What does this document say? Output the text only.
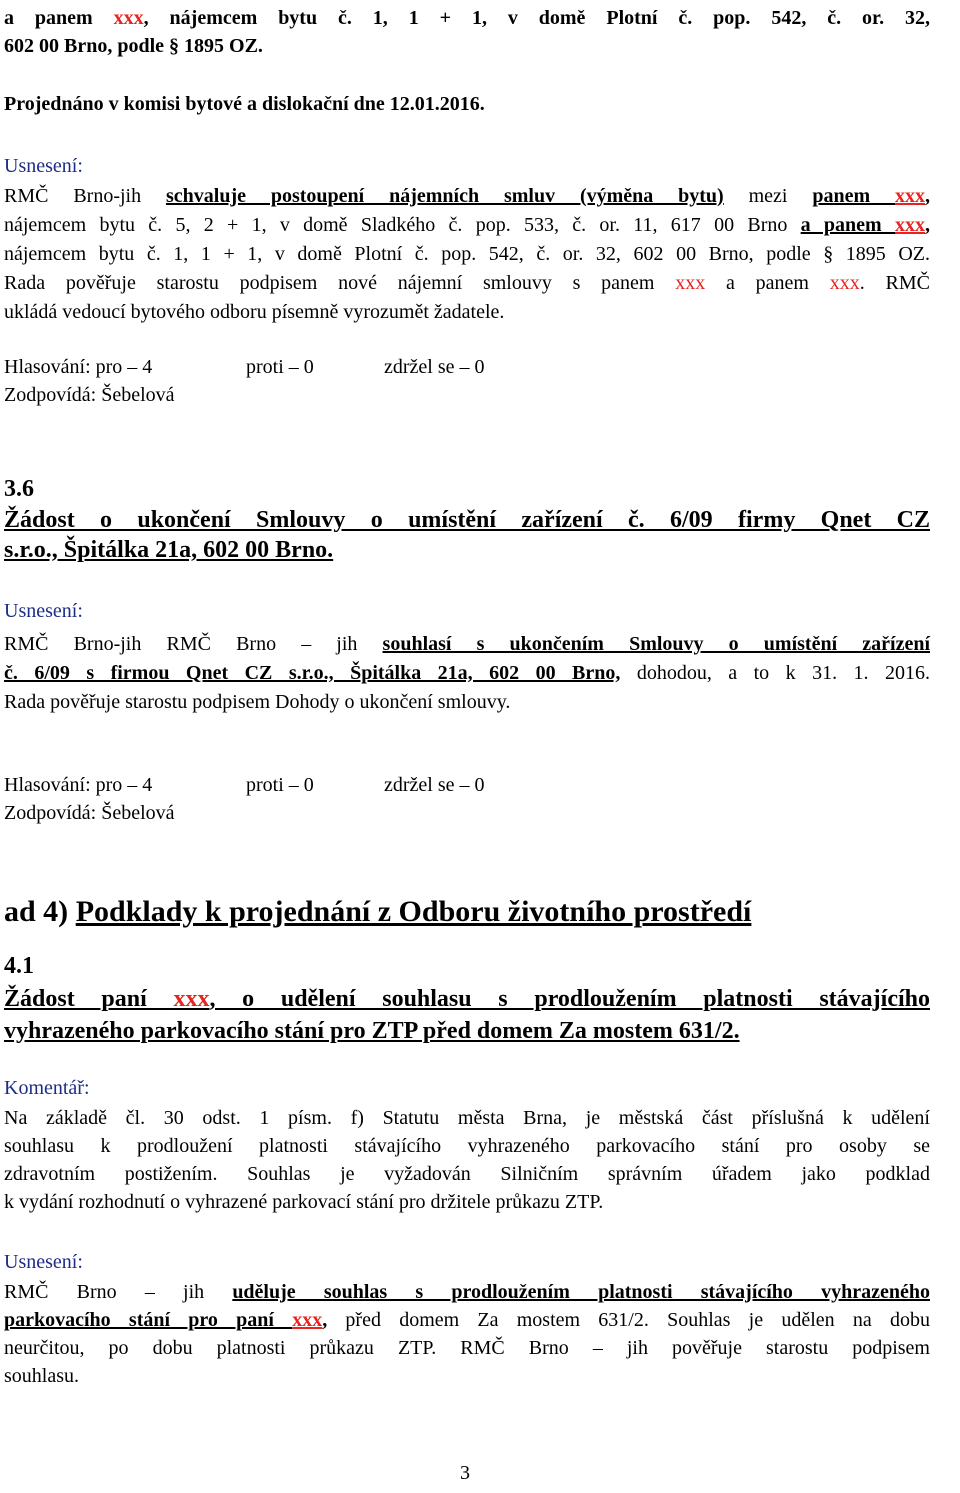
a panem xxx, nájemcem bytu č. 1, 1 + 1, v domě Plotní č. pop. 542, č. or. 32,
602 00 Brno, podle § 1895 OZ.
Projednáno v komisi bytové a dislokační dne 12.01.2016.
Usnesení:
RMČ Brno-jih schvaluje postoupení nájemních smluv (výměna bytu) mezi panem xxx,
nájemcem bytu č. 5, 2 + 1, v domě Sladkého č. pop. 533, č. or. 11, 617 00 Brno a panem xxx,
nájemcem bytu č. 1, 1 + 1, v domě Plotní č. pop. 542, č. or. 32, 602 00 Brno, podle § 1895 OZ.
Rada pověřuje starostu podpisem nové nájemní smlouvy s panem xxx a panem xxx. RMČ
ukládá vedoucí bytového odboru písemně vyrozumět žadatele.
Hlasování: pro – 4	proti – 0	zdržel se – 0
Zodpovídá: Šebelová
3.6
Žádost o ukončení Smlouvy o umístění zařízení č. 6/09 firmy Qnet CZ
s.r.o., Špitálka 21a, 602 00 Brno.
Usnesení:
RMČ Brno-jih RMČ Brno – jih souhlasí s ukončením Smlouvy o umístění zařízení
č. 6/09 s firmou Qnet CZ s.r.o., Špitálka 21a, 602 00 Brno, dohodou, a to k 31. 1. 2016.
Rada pověřuje starostu podpisem Dohody o ukončení smlouvy.
Hlasování: pro – 4	proti – 0	zdržel se – 0
Zodpovídá: Šebelová
ad 4) Podklady k projednání z Odboru životního prostředí
4.1
Žádost paní xxx, o udělení souhlasu s prodloužením platnosti stávajícího
vyhrazeného parkovacího stání pro ZTP před domem Za mostem 631/2.
Komentář:
Na základě čl. 30 odst. 1 písm. f) Statutu města Brna, je městská část příslušná k udělení
souhlasu k prodloužení platnosti stávajícího vyhrazeného parkovacího stání pro osoby se
zdravotním postižením. Souhlas je vyžadován Silničním správním úřadem jako podklad
k vydání rozhodnutí o vyhrazené parkovací stání pro držitele průkazu ZTP.
Usnesení:
RMČ Brno – jih uděluje souhlas s prodloužením platnosti stávajícího vyhrazeného
parkovacího stání pro paní xxx, před domem Za mostem 631/2. Souhlas je udělen na dobu
neurčitou, po dobu platnosti průkazu ZTP. RMČ Brno – jih pověřuje starostu podpisem
souhlasu.
3
